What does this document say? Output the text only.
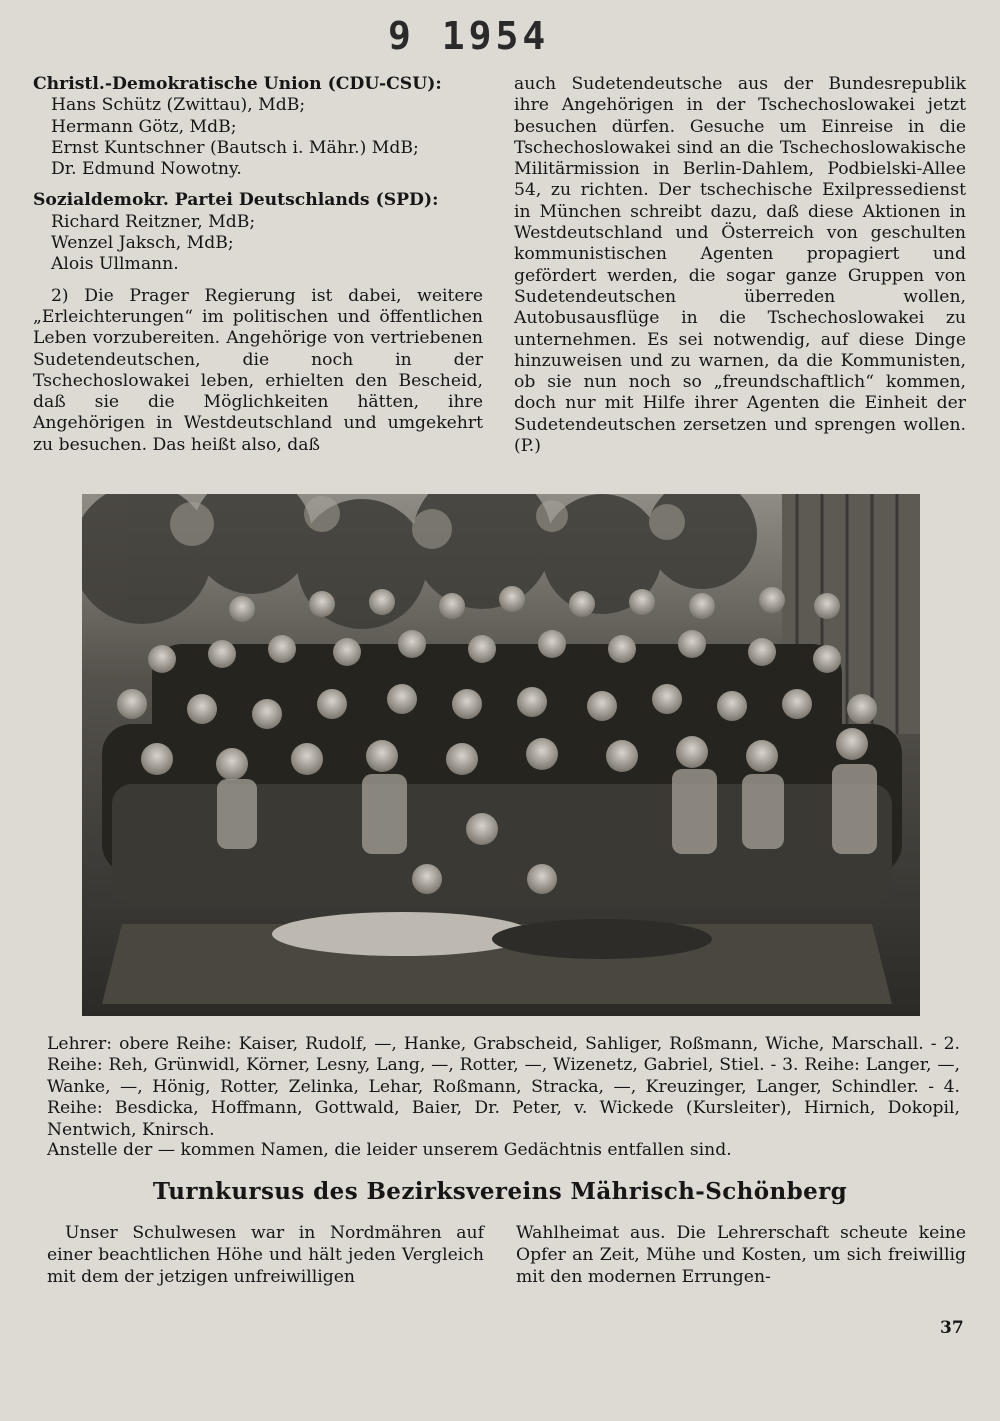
9 1954

Christl.-Demokratische Union (CDU-CSU):

Hans Schütz (Zwittau), MdB;

Hermann Götz, MdB;

Ernst Kuntschner (Bautsch i. Mähr.) MdB;

Dr. Edmund Nowotny.

Sozialdemokr. Partei Deutschlands (SPD):

Richard Reitzner, MdB;

Wenzel Jaksch, MdB;

Alois Ullmann.

2) Die Prager Regierung ist dabei, weitere „Erleichterungen“ im politischen und öffentlichen Leben vorzubereiten. Angehörige von vertriebenen Sudetendeutschen, die noch in der Tschechoslowakei leben, erhielten den Bescheid, daß sie die Möglichkeiten hätten, ihre Angehörigen in Westdeutschland und umgekehrt zu besuchen. Das heißt also, daß

auch Sudetendeutsche aus der Bundesrepublik ihre Angehörigen in der Tschechoslowakei jetzt besuchen dürfen. Gesuche um Einreise in die Tschechoslowakei sind an die Tschechoslowakische Militärmission in Berlin-Dahlem, Podbielski-Allee 54, zu richten. Der tschechische Exilpressedienst in München schreibt dazu, daß diese Aktionen in Westdeutschland und Österreich von geschulten kommunistischen Agenten propagiert und gefördert werden, die sogar ganze Gruppen von Sudetendeutschen überreden wollen, Autobusausflüge in die Tschechoslowakei zu unternehmen. Es sei notwendig, auf diese Dinge hinzuweisen und zu warnen, da die Kommunisten, ob sie nun noch so „freundschaftlich“ kommen, doch nur mit Hilfe ihrer Agenten die Einheit der Sudetendeutschen zersetzen und sprengen wollen. (P.)

Lehrer: obere Reihe: Kaiser, Rudolf, —, Hanke, Grabscheid, Sahliger, Roßmann, Wiche, Marschall. - 2. Reihe: Reh, Grünwidl, Körner, Lesny, Lang, —, Rotter, —, Wizenetz, Gabriel, Stiel. - 3. Reihe: Langer, —, Wanke, —, Hönig, Rotter, Zelinka, Lehar, Roßmann, Stracka, —, Kreuzinger, Langer, Schindler. - 4. Reihe: Besdicka, Hoffmann, Gottwald, Baier, Dr. Peter, v. Wickede (Kursleiter), Hirnich, Dokopil, Nentwich, Knirsch.

Anstelle der — kommen Namen, die leider unserem Gedächtnis entfallen sind.

Turnkursus des Bezirksvereins Mährisch-Schönberg

Unser Schulwesen war in Nordmähren auf einer beachtlichen Höhe und hält jeden Vergleich mit dem der jetzigen unfreiwilligen

Wahlheimat aus. Die Lehrerschaft scheute keine Opfer an Zeit, Mühe und Kosten, um sich freiwillig mit den modernen Errungen-

37
